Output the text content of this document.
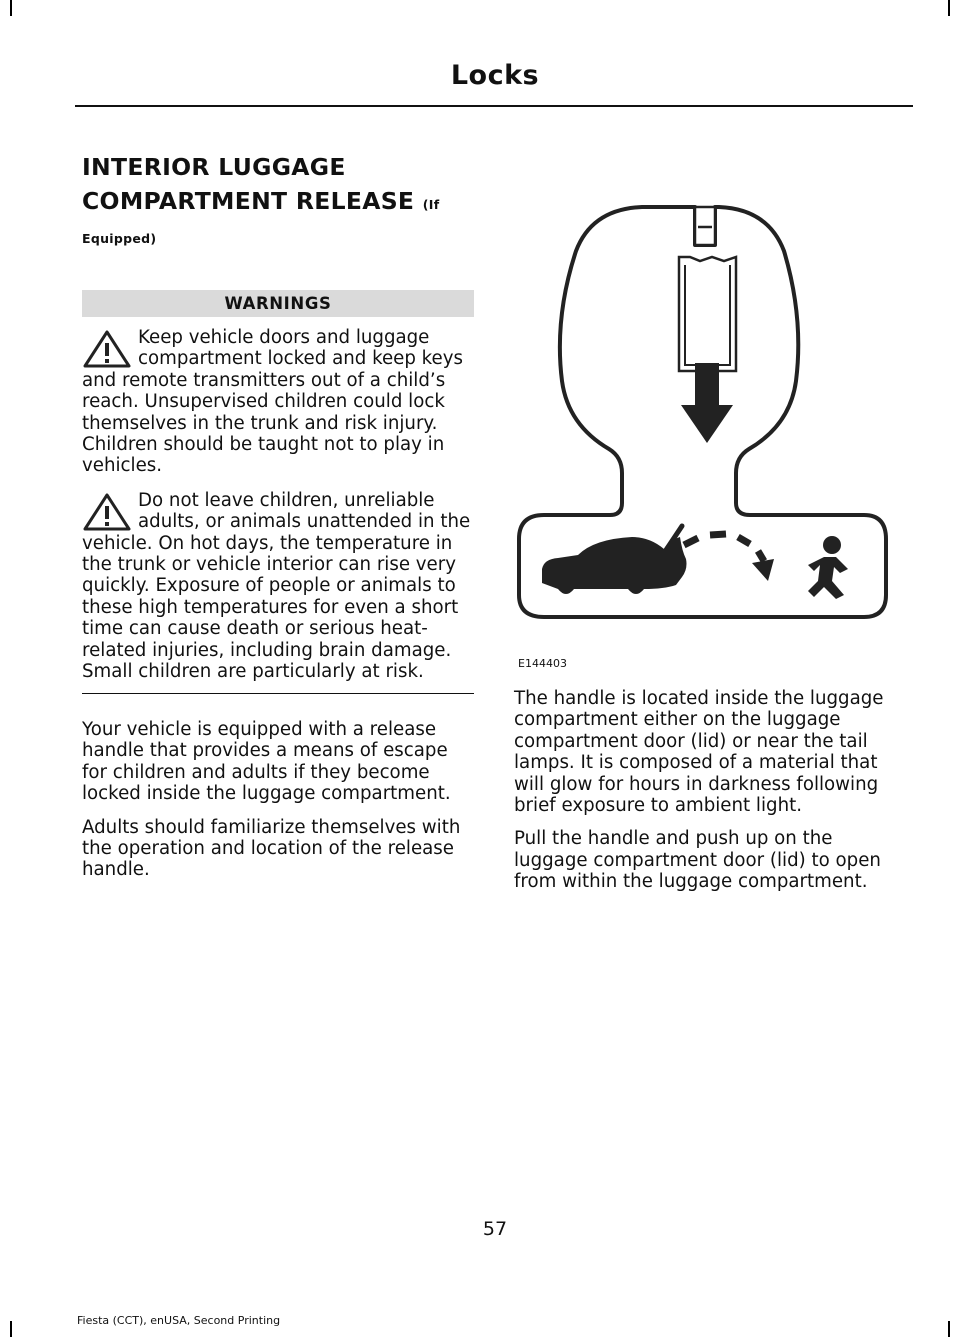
Locks
INTERIOR LUGGAGE COMPARTMENT RELEASE (If
Equipped)
WARNINGS

Keep vehicle doors and luggage compartment locked and keep keys and remote transmitters out of a child’s reach. Unsupervised children could lock themselves in the trunk and risk injury. Children should be taught not to play in vehicles.

Do not leave children, unreliable adults, or animals unattended in the vehicle. On hot days, the temperature in the trunk or vehicle interior can rise very quickly. Exposure of people or animals to these high temperatures for even a short time can cause death or serious heat-related injuries, including brain damage. Small children are particularly at risk.

Your vehicle is equipped with a release handle that provides a means of escape for children and adults if they become locked inside the luggage compartment.

Adults should familiarize themselves with the operation and location of the release handle.

E144403

The handle is located inside the luggage compartment either on the luggage compartment door (lid) or near the tail lamps. It is composed of a material that will glow for hours in darkness following brief exposure to ambient light.

Pull the handle and push up on the luggage compartment door (lid) to open from within the luggage compartment.

57
Fiesta (CCT), enUSA, Second Printing
